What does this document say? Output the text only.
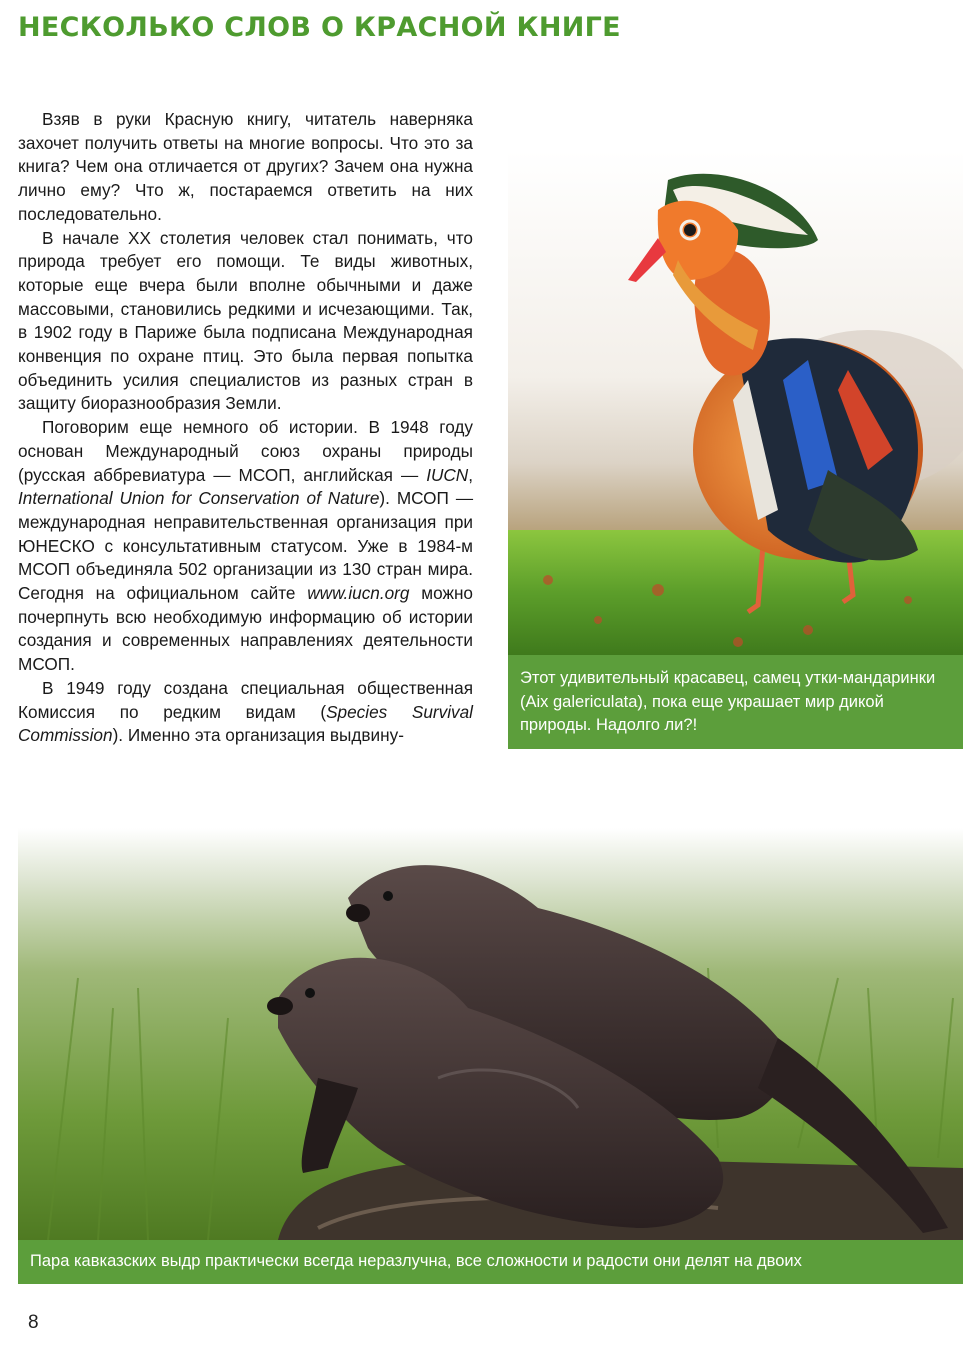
НЕСКОЛЬКО СЛОВ О КРАСНОЙ КНИГЕ

Взяв в руки Красную книгу, читатель наверняка захочет получить ответы на многие вопросы. Что это за книга? Чем она отличается от других? Зачем она нужна лично ему? Что ж, постараемся ответить на них последовательно.

В начале XX столетия человек стал понимать, что природа требует его помощи. Те виды животных, которые еще вчера были вполне обычными и даже массовыми, становились редкими и исчезающими. Так, в 1902 году в Париже была подписана Международная конвенция по охране птиц. Это была первая попытка объединить усилия специалистов из разных стран в защиту биоразнообразия Земли.

Поговорим еще немного об истории. В 1948 году основан Международный союз охраны природы (русская аббревиатура — МСОП, английская — IUCN, International Union for Conservation of Nature). МСОП — международная неправительственная организация при ЮНЕСКО с консультативным статусом. Уже в 1984-м МСОП объединяла 502 организации из 130 стран мира. Сегодня на официальном сайте www.iucn.org можно почерпнуть всю необходимую информацию об истории создания и современных направлениях деятельности МСОП.

В 1949 году создана специальная общественная Комиссия по редким видам (Species Survival Commission). Именно эта организация выдвину-

Этот удивительный красавец, самец утки-мандаринки (Aix galericulata), пока еще украшает мир дикой природы. Надолго ли?!
Пара кавказских выдр практически всегда неразлучна, все сложности и радости они делят на двоих
8
